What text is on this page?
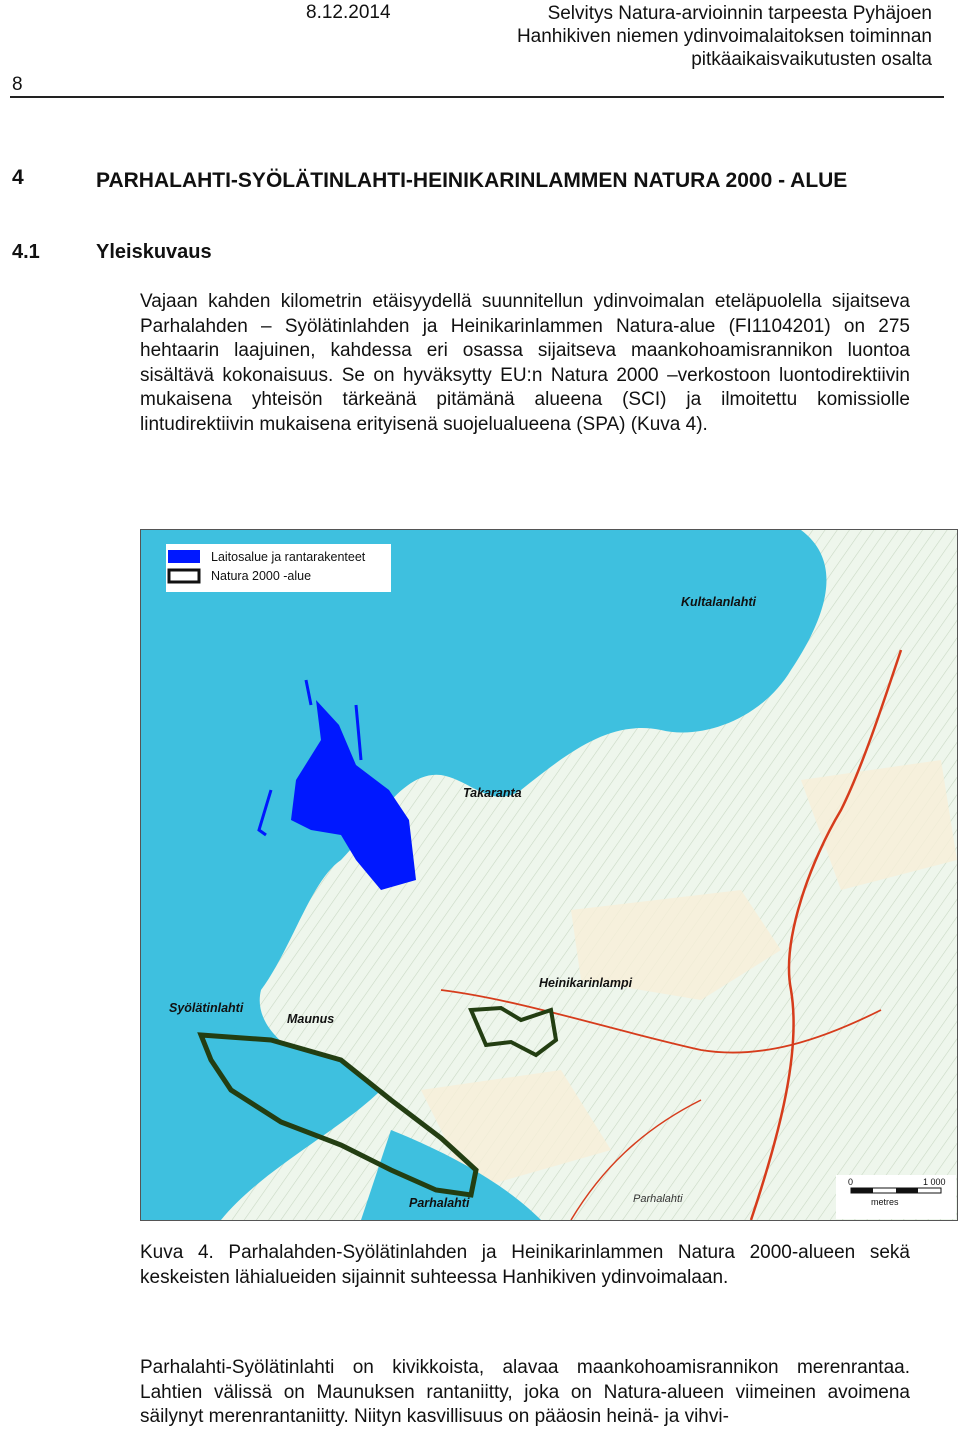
8.12.2014	Selvitys Natura-arvioinnin tarpeesta Pyhäjoen
Hanhikiven niemen ydinvoimalaitoksen toiminnan
pitkäaikaisvaikutusten osalta
8
4	PARHALAHTI-SYÖLÄTINLAHTI-HEINIKARINLAMMEN NATURA 2000 - ALUE
4.1	Yleiskuvaus
Vajaan kahden kilometrin etäisyydellä suunnitellun ydinvoimalan eteläpuolella sijaitseva Parhalahden – Syölätinlahden ja Heinikarinlammen Natura-alue (FI1104201) on 275 hehtaarin laajuinen, kahdessa eri osassa sijaitseva maankohoamisrannikon luontoa sisältävä kokonaisuus. Se on hyväksytty EU:n Natura 2000 –verkostoon luontodirektiivin mukaisena yhteisön tärkeänä pitämänä alueena (SCI) ja ilmoitettu komissiolle lintudirektiivin mukaisena erityisenä suojelualueena (SPA) (Kuva 4).
Laitosalue ja rantarakenteet
Natura 2000 -alue
Kultalanlahti
Takaranta
Heinikarinlampi
Syölätinlahti
Maunus
Parhalahti	Parhalahti
0	1 000
metres
Kuva 4. Parhalahden-Syölätinlahden ja Heinikarinlammen Natura 2000-alueen sekä keskeisten lähialueiden sijainnit suhteessa Hanhikiven ydinvoimalaan.
Parhalahti-Syölätinlahti on kivikkoista, alavaa maankohoamisrannikon merenrantaa. Lahtien välissä on Maunuksen rantaniitty, joka on Natura-alueen viimeinen avoimena säilynyt merenrantaniitty. Niityn kasvillisuus on pääosin heinä- ja vihvi-
